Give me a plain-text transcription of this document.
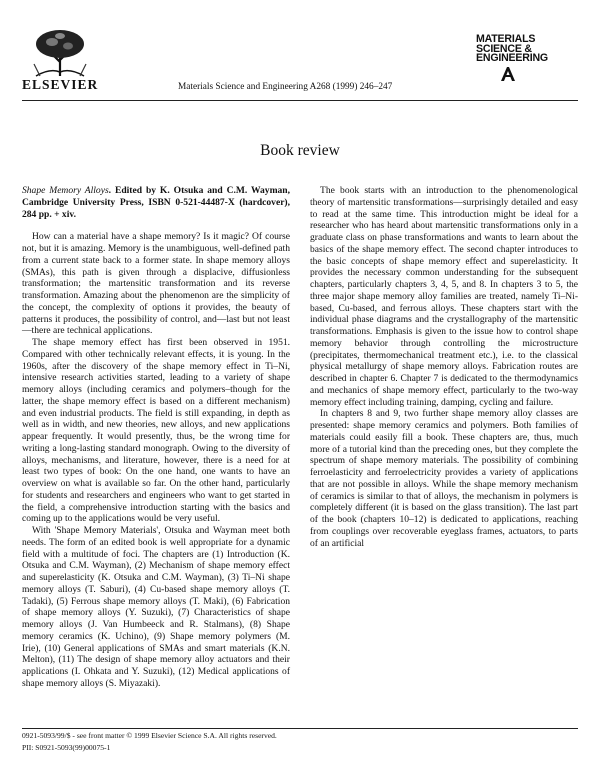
ELSEVIER	Materials Science and Engineering A268 (1999) 246–247
MATERIALS
SCIENCE &
ENGINEERING
Book review

Shape Memory Alloys. Edited by K. Otsuka and C.M. Wayman, Cambridge University Press, ISBN 0-521-44487-X (hardcover), 284 pp. + xiv.

How can a material have a shape memory? Is it magic? Of course not, but it is amazing. Memory is the unambiguous, well-defined path from a current state back to a former state. In shape memory alloys (SMAs), this path is given through a displacive, diffusionless transformation; the martensitic transformation and its reverse transformation. Amazing about the phenomenon are the simplicity of the concept, the complexity of options it provides, the beauty of patterns it produces, the possibility of control, and—last but not least—there are technical applications.

The shape memory effect has first been observed in 1951. Compared with other technically relevant effects, it is young. In the 1960s, after the discovery of the shape memory effect in Ti–Ni, intensive research activities started, leading to a variety of shape memory alloys (including ceramics and polymers–though for the latter, the shape memory effect is based on a different mechanism) and even industrial products. The field is still expanding, in depth as well as in width, and new theories, new alloys, and new applications appear frequently. It would presently, thus, be the wrong time for writing a long-lasting standard monograph. Owing to the diversity of alloys, mechanisms, and literature, however, there is a need for at least two types of book: On the one hand, one wants to have an overview on what is available so far. On the other hand, particularly for students and researchers and engineers who want to get started in the field, a comprehensive introduction starting with the basics and coming up to the applications would be very useful.

With 'Shape Memory Materials', Otsuka and Wayman meet both needs. The form of an edited book is well appropriate for a dynamic field with a multitude of foci. The chapters are (1) Introduction (K. Otsuka and C.M. Wayman), (2) Mechanism of shape memory effect and superelasticity (K. Otsuka and C.M. Wayman), (3) Ti–Ni shape memory alloys (T. Saburi), (4) Cu-based shape memory alloys (T. Tadaki), (5) Ferrous shape memory alloys (T. Maki), (6) Fabrication of shape memory alloys (Y. Suzuki), (7) Characteristics of shape memory alloys (J. Van Humbeeck and R. Stalmans), (8) Shape memory ceramics (K. Uchino), (9) Shape memory polymers (M. Irie), (10) General applications of SMAs and smart materials (K.N. Melton), (11) The design of shape memory alloy actuators and their applications (I. Ohkata and Y. Suzuki), (12) Medical applications of shape memory alloys (S. Miyazaki).

The book starts with an introduction to the phenomenological theory of martensitic transformations—surprisingly detailed and easy to read at the same time. This introduction might be ideal for a researcher who has heard about martensitic transformations only in a graduate class on phase transformations and wants to learn about the basics of the shape memory effect. The second chapter introduces to the basic concepts of shape memory effect and superelasticity. It provides the necessary common understanding for the subsequent chapters, particularly chapters 3, 4, 5, and 8. In chapters 3 to 5, the three major shape memory alloy families are treated, namely Ti–Ni-based, Cu-based, and ferrous alloys. These chapters start with the individual phase diagrams and the crystallography of the martensitic transformations. Emphasis is given to the issue how to control shape memory behavior through controlling the microstructure (precipitates, thermomechanical treatment etc.), i.e. to the classical physical metallurgy of shape memory alloys. Fabrication routes are described in chapter 6. Chapter 7 is dedicated to the thermodynamics and mechanics of shape memory effect, particularly to the two-way memory effect including training, damping, cycling and failure.

In chapters 8 and 9, two further shape memory alloy classes are presented: shape memory ceramics and polymers. Both families of materials could easily fill a book. These chapters are, thus, much more of a tutorial kind than the preceding ones, but they complete the spectrum of shape memory materials. The possibility of combining ferroelasticity and ferroelectricity provides a variety of applications that are not possible in alloys. While the shape memory mechanism of ceramics is similar to that of alloys, the mechanism in polymers is completely different (it is based on the glass transition). The last part of the book (chapters 10–12) is dedicated to applications, reaching from couplings over recoverable eyeglass frames, actuators, to parts of an artificial

0921-5093/99/$ - see front matter © 1999 Elsevier Science S.A. All rights reserved.
PII: S0921-5093(99)00075-1
